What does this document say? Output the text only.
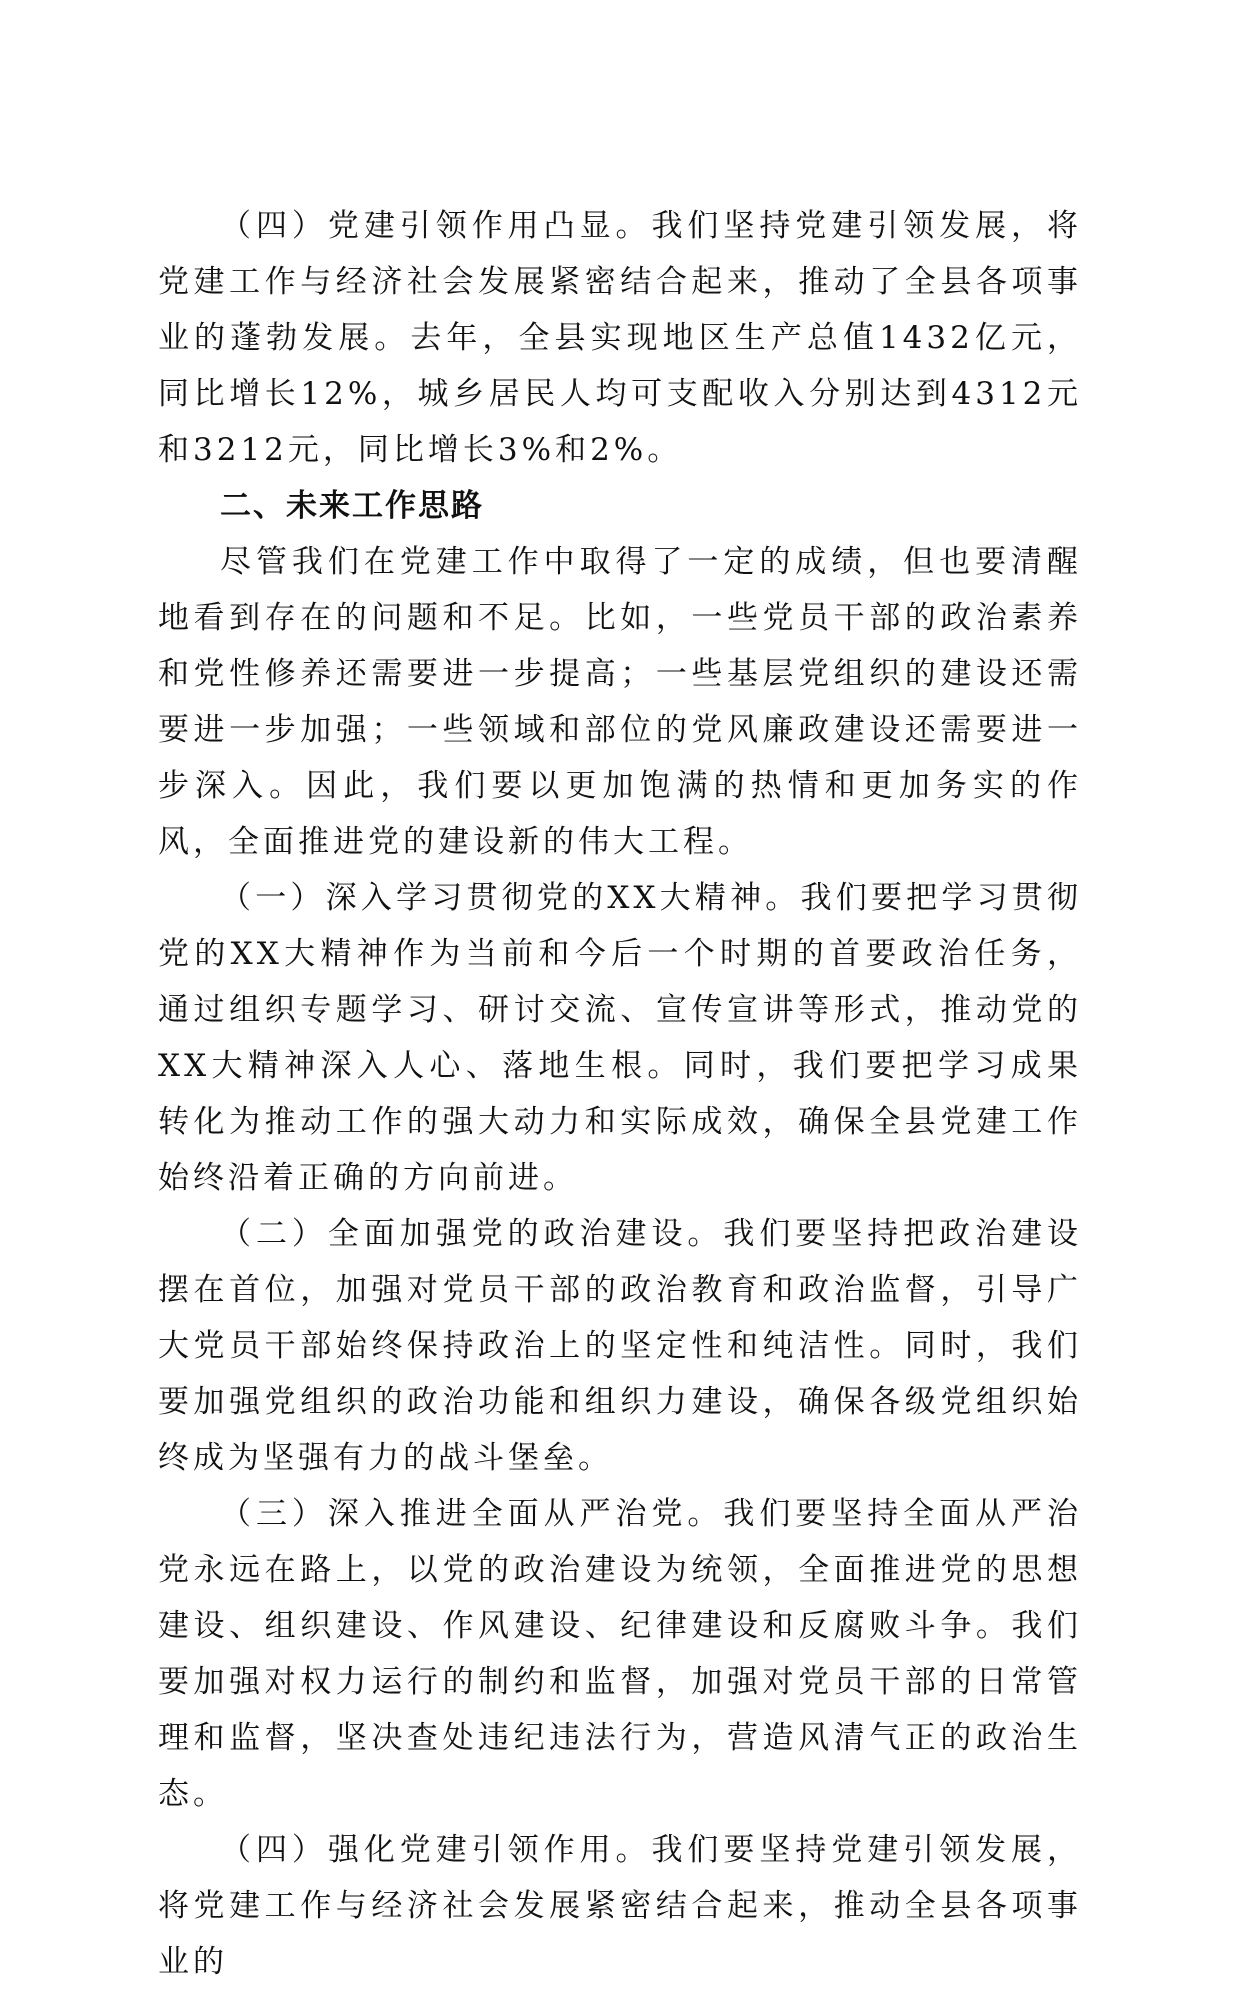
（四）党建引领作用凸显。我们坚持党建引领发展，将党建工作与经济社会发展紧密结合起来，推动了全县各项事业的蓬勃发展。去年，全县实现地区生产总值1432亿元，同比增长12%，城乡居民人均可支配收入分别达到4312元和3212元，同比增长3%和2%。

二、未来工作思路

尽管我们在党建工作中取得了一定的成绩，但也要清醒地看到存在的问题和不足。比如，一些党员干部的政治素养和党性修养还需要进一步提高；一些基层党组织的建设还需要进一步加强；一些领域和部位的党风廉政建设还需要进一步深入。因此，我们要以更加饱满的热情和更加务实的作风，全面推进党的建设新的伟大工程。

（一）深入学习贯彻党的XX大精神。我们要把学习贯彻党的XX大精神作为当前和今后一个时期的首要政治任务，通过组织专题学习、研讨交流、宣传宣讲等形式，推动党的XX大精神深入人心、落地生根。同时，我们要把学习成果转化为推动工作的强大动力和实际成效，确保全县党建工作始终沿着正确的方向前进。

（二）全面加强党的政治建设。我们要坚持把政治建设摆在首位，加强对党员干部的政治教育和政治监督，引导广大党员干部始终保持政治上的坚定性和纯洁性。同时，我们要加强党组织的政治功能和组织力建设，确保各级党组织始终成为坚强有力的战斗堡垒。

（三）深入推进全面从严治党。我们要坚持全面从严治党永远在路上，以党的政治建设为统领，全面推进党的思想建设、组织建设、作风建设、纪律建设和反腐败斗争。我们要加强对权力运行的制约和监督，加强对党员干部的日常管理和监督，坚决查处违纪违法行为，营造风清气正的政治生态。

（四）强化党建引领作用。我们要坚持党建引领发展，将党建工作与经济社会发展紧密结合起来，推动全县各项事业的
